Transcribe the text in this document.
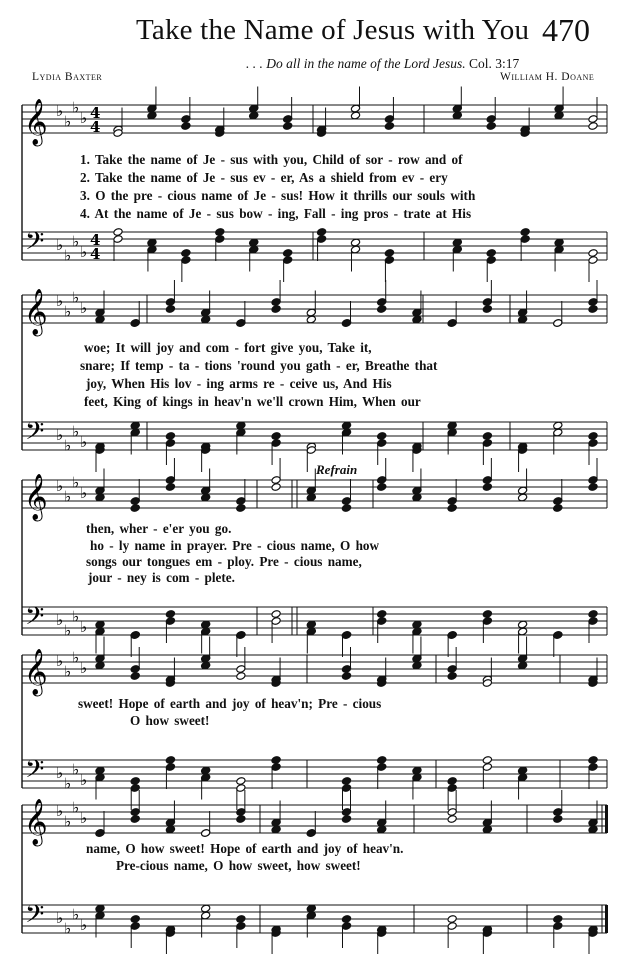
𝄞 ♭
♭
♭
♭ 4
4
𝄢 ♭
♭
♭
♭
4
4
𝄞 ♭
♭
♭
♭
𝄢 ♭
♭
♭
♭
𝄞 ♭
♭
♭
♭
𝄢 ♭
♭
♭
♭
𝄞 ♭
♭
♭
♭
𝄢 ♭
♭
♭
♭
𝄞 ♭
♭
♭
♭
𝄢 ♭
♭
♭
♭
Take the Name of Jesus with You 470
. . . Do all in the name of the Lord Jesus. Col. 3:17
Lydia Baxter	William H. Doane
1. Take the name of Je - sus with you, Child of sor - row and of
2. Take the name of Je - sus ev - er, As a shield from ev - ery
3. O the pre - cious name of Je - sus! How it thrills our souls with
4. At the name of Je - sus bow - ing, Fall - ing pros - trate at His
woe; It will joy and com - fort give you, Take it,
snare; If temp - ta - tions 'round you gath - er, Breathe that
joy, When His lov - ing arms re - ceive us, And His
feet, King of kings in heav'n we'll crown Him, When our
Refrain
then, wher - e'er you go.
ho - ly name in prayer. Pre - cious name, O how
songs our tongues em - ploy. Pre - cious name,
jour - ney is com - plete.
sweet! Hope of earth and joy of heav'n; Pre - cious
O how sweet!
name, O how sweet! Hope of earth and joy of heav'n.
Pre-cious name, O how sweet, how sweet!
